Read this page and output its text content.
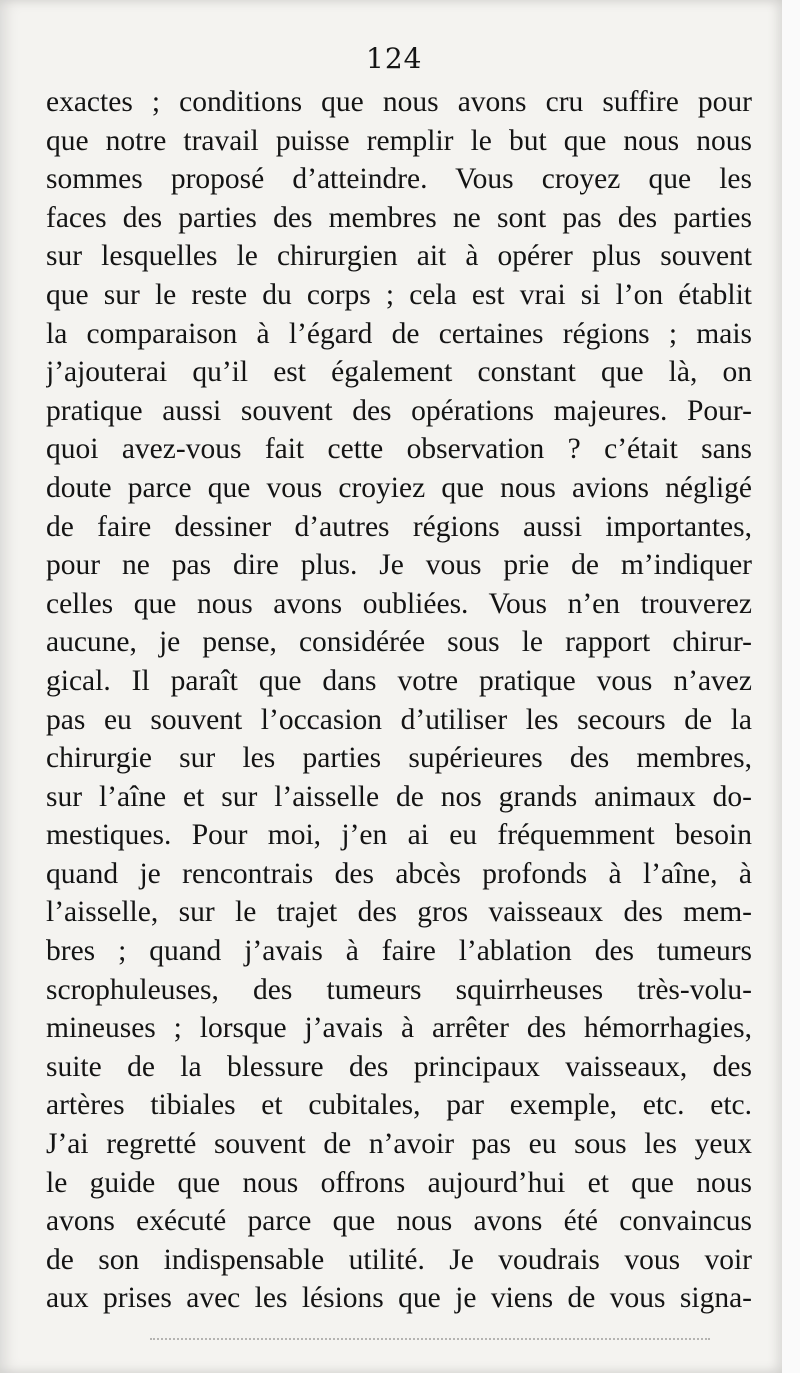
124
exactes ; conditions que nous avons cru suffire pour
que notre travail puisse remplir le but que nous nous
sommes proposé d’atteindre. Vous croyez que les
faces des parties des membres ne sont pas des parties
sur lesquelles le chirurgien ait à opérer plus souvent
que sur le reste du corps ; cela est vrai si l’on établit
la comparaison à l’égard de certaines régions ; mais
j’ajouterai qu’il est également constant que là, on
pratique aussi souvent des opérations majeures. Pour-
quoi avez-vous fait cette observation ? c’était sans
doute parce que vous croyiez que nous avions négligé
de faire dessiner d’autres régions aussi importantes,
pour ne pas dire plus. Je vous prie de m’indiquer
celles que nous avons oubliées. Vous n’en trouverez
aucune, je pense, considérée sous le rapport chirur-
gical. Il paraît que dans votre pratique vous n’avez
pas eu souvent l’occasion d’utiliser les secours de la
chirurgie sur les parties supérieures des membres,
sur l’aîne et sur l’aisselle de nos grands animaux do-
mestiques. Pour moi, j’en ai eu fréquemment besoin
quand je rencontrais des abcès profonds à l’aîne, à
l’aisselle, sur le trajet des gros vaisseaux des mem-
bres ; quand j’avais à faire l’ablation des tumeurs
scrophuleuses, des tumeurs squirrheuses très-volu-
mineuses ; lorsque j’avais à arrêter des hémorrhagies,
suite de la blessure des principaux vaisseaux, des
artères tibiales et cubitales, par exemple, etc. etc.
J’ai regretté souvent de n’avoir pas eu sous les yeux
le guide que nous offrons aujourd’hui et que nous
avons exécuté parce que nous avons été convaincus
de son indispensable utilité. Je voudrais vous voir
aux prises avec les lésions que je viens de vous signa-
